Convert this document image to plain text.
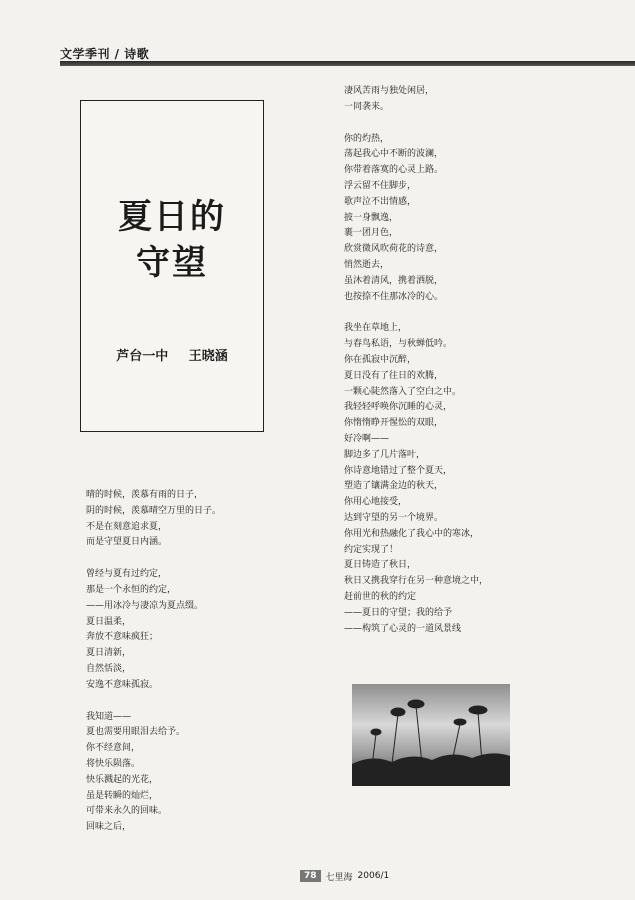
文学季刊 / 诗歌
夏日的
守望
芦台一中 王晓涵
晴的时候，羡慕有雨的日子，
阴的时候，羡慕晴空万里的日子。
不是在刻意追求夏，
而是守望夏日内涵。
曾经与夏有过约定，
那是一个永恒的约定，
——用冰冷与凄凉为夏点缀。
夏日温柔，
奔放不意味疯狂；
夏日清新，
自然恬淡，
安逸不意味孤寂。
我知道——
夏也需要用眼泪去给予。
你不经意间，
将快乐陨落。
快乐溅起的光花，
虽是转瞬的灿烂，
可带来永久的回味。
回味之后，
凄风苦雨与独处闲居，
一同袭来。
你的灼热，
荡起我心中不断的波澜，
你带着落寞的心灵上路。
浮云留不住脚步，
歌声泣不出情感，
披一身飘逸，
裹一团月色，
欣赏微风吹荷花的诗意，
悄然逝去，
虽沐着清风，携着洒脱，
也按捺不住那冰冷的心。
我坐在草地上，
与春鸟私语，与秋蝉低吟。
你在孤寂中沉醉，
夏日没有了往日的欢腾，
一颗心陡然落入了空白之中。
我轻轻呼唤你沉睡的心灵，
你惰惰睁开惺忪的双眼，
好冷啊——
脚边多了几片落叶，
你诗意地错过了整个夏天，
塑造了镶满金边的秋天，
你用心地接受，
达到守望的另一个境界。
你用光和热融化了我心中的寒冰，
约定实现了！
夏日铸造了秋日，
秋日又携我穿行在另一种意境之中，
赶前世的秋的约定
——夏日的守望；我的给予
——构筑了心灵的一道风景线
78	七里海 2006/1
